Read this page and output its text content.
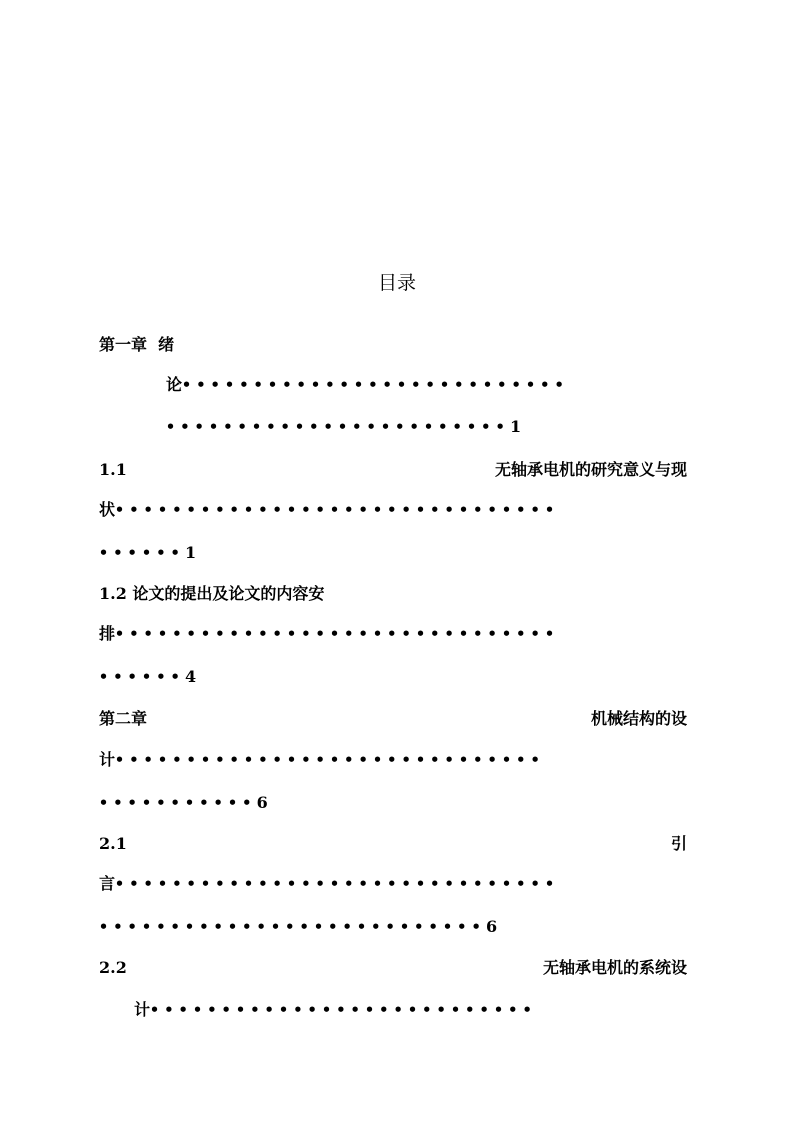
目录
第一章 绪
论•••••••••••••••••••••••••••
••••••••••••••••••••••••1
1.1	无轴承电机的研究意义与现
状•••••••••••••••••••••••••••••••
••••••1
1.2 论文的提出及论文的内容安
排•••••••••••••••••••••••••••••••
••••••4
第二章	机械结构的设
计••••••••••••••••••••••••••••••
•••••••••••6
2.1	引
言•••••••••••••••••••••••••••••••
•••••••••••••••••••••••••••6
2.2	无轴承电机的系统设
计•••••••••••••••••••••••••••
